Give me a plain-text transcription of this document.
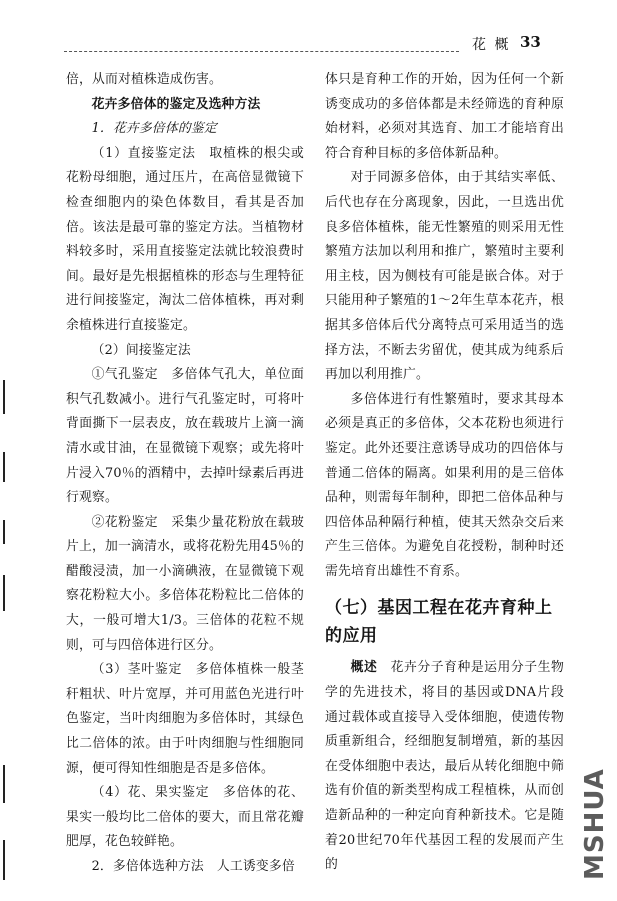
花 概 33

倍，从而对植株造成伤害。

花卉多倍体的鉴定及选种方法

1．花卉多倍体的鉴定

（1）直接鉴定法　取植株的根尖或花粉母细胞，通过压片，在高倍显微镜下检查细胞内的染色体数目，看其是否加倍。该法是最可靠的鉴定方法。当植物材料较多时，采用直接鉴定法就比较浪费时间。最好是先根据植株的形态与生理特征进行间接鉴定，淘汰二倍体植株，再对剩余植株进行直接鉴定。

（2）间接鉴定法

①气孔鉴定　多倍体气孔大，单位面积气孔数减小。进行气孔鉴定时，可将叶背面撕下一层表皮，放在载玻片上滴一滴清水或甘油，在显微镜下观察；或先将叶片浸入70％的酒精中，去掉叶绿素后再进行观察。

②花粉鉴定　采集少量花粉放在载玻片上，加一滴清水，或将花粉先用45％的醋酸浸渍，加一小滴碘液，在显微镜下观察花粉粒大小。多倍体花粉粒比二倍体的大，一般可增大1/3。三倍体的花粒不规则，可与四倍体进行区分。

（3）茎叶鉴定　多倍体植株一般茎秆粗状、叶片宽厚，并可用蓝色光进行叶色鉴定，当叶肉细胞为多倍体时，其绿色比二倍体的浓。由于叶肉细胞与性细胞同源，便可得知性细胞是否是多倍体。

（4）花、果实鉴定　多倍体的花、果实一般均比二倍体的要大，而且常花瓣肥厚，花色较鲜艳。

2．多倍体选种方法　人工诱变多倍

体只是育种工作的开始，因为任何一个新诱变成功的多倍体都是未经筛选的育种原始材料，必须对其选育、加工才能培育出符合育种目标的多倍体新品种。

对于同源多倍体，由于其结实率低、后代也存在分离现象，因此，一旦选出优良多倍体植株，能无性繁殖的则采用无性繁殖方法加以利用和推广，繁殖时主要利用主枝，因为侧枝有可能是嵌合体。对于只能用种子繁殖的1～2年生草本花卉，根据其多倍体后代分离特点可采用适当的选择方法，不断去劣留优，使其成为纯系后再加以利用推广。

多倍体进行有性繁殖时，要求其母本必须是真正的多倍体，父本花粉也须进行鉴定。此外还要注意诱导成功的四倍体与普通二倍体的隔离。如果利用的是三倍体品种，则需每年制种，即把二倍体品种与四倍体品种隔行种植，使其天然杂交后来产生三倍体。为避免自花授粉，制种时还需先培育出雄性不育系。

（七）基因工程在花卉育种上的应用

概述　花卉分子育种是运用分子生物学的先进技术，将目的基因或DNA片段通过载体或直接导入受体细胞，使遗传物质重新组合，经细胞复制增殖，新的基因在受体细胞中表达，最后从转化细胞中筛选有价值的新类型构成工程植株，从而创造新品种的一种定向育种新技术。它是随着20世纪70年代基因工程的发展而产生的	MSHUA
